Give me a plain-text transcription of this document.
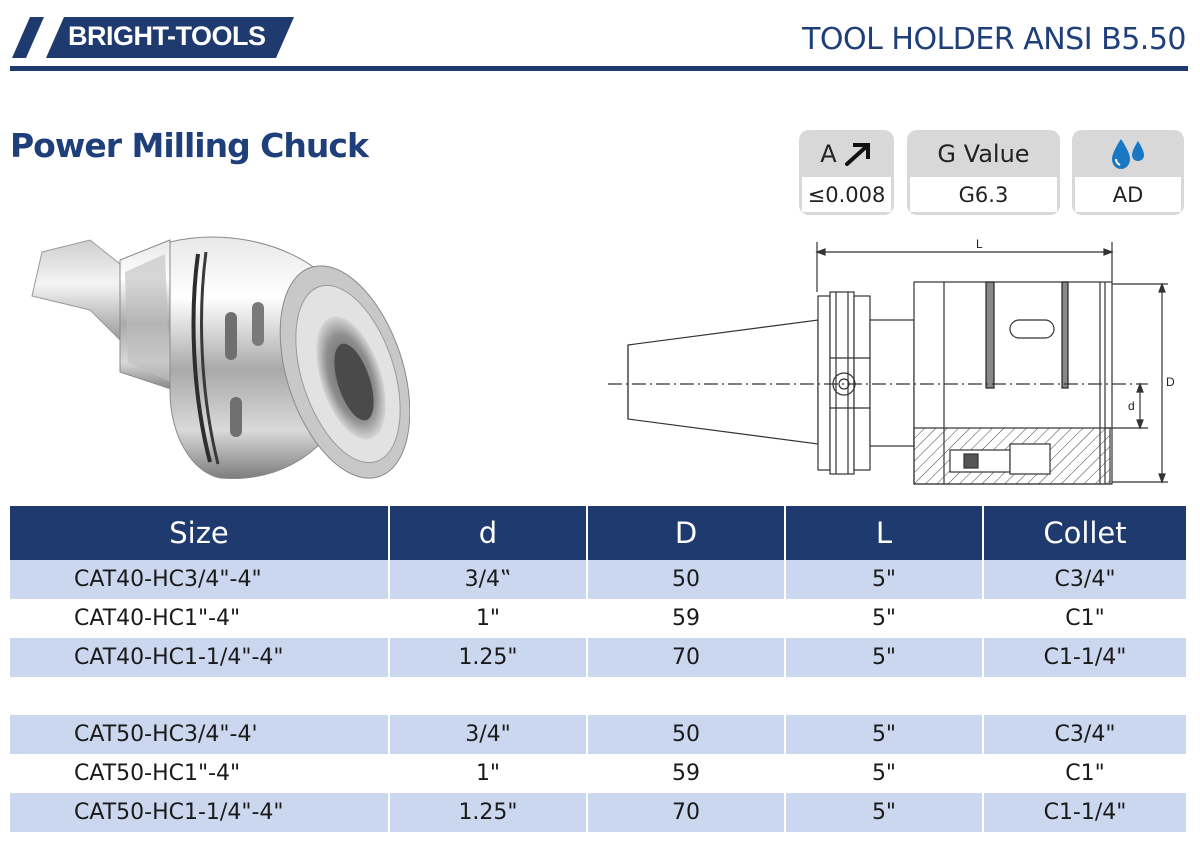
BRIGHT-TOOLS	TOOL HOLDER ANSI B5.50
Power Milling Chuck	A
≤0.008
G Value
G6.3	AD
L
D
d
Size	d	D	L	Collet
CAT40-HC3/4"-4"	3/4‟	50	5"	C3/4"
CAT40-HC1"-4"	1"	59	5"	C1"
CAT40-HC1-1/4"-4"	1.25"	70	5"	C1-1/4"

CAT50-HC3/4"-4'	3/4"	50	5"	C3/4"
CAT50-HC1"-4"	1"	59	5"	C1"
CAT50-HC1-1/4"-4"	1.25"	70	5"	C1-1/4"
